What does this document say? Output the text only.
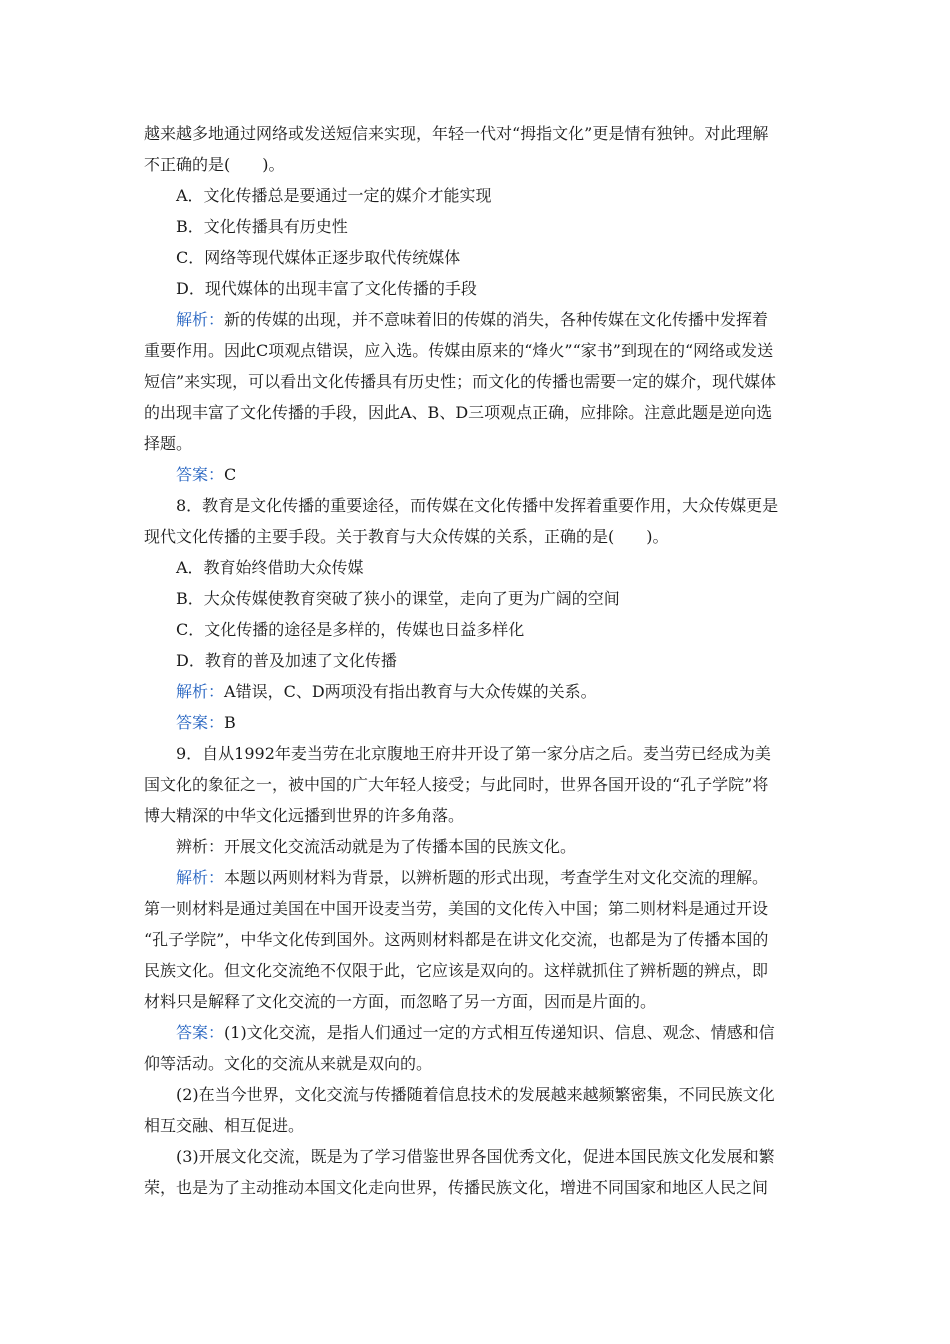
越来越多地通过网络或发送短信来实现，年轻一代对“拇指文化”更是情有独钟。对此理解
不正确的是(　　)。
A．文化传播总是要通过一定的媒介才能实现
B．文化传播具有历史性
C．网络等现代媒体正逐步取代传统媒体
D．现代媒体的出现丰富了文化传播的手段
解析：新的传媒的出现，并不意味着旧的传媒的消失，各种传媒在文化传播中发挥着
重要作用。因此C项观点错误，应入选。传媒由原来的“烽火”“家书”到现在的“网络或发送
短信”来实现，可以看出文化传播具有历史性；而文化的传播也需要一定的媒介，现代媒体
的出现丰富了文化传播的手段，因此A、B、D三项观点正确，应排除。注意此题是逆向选
择题。
答案：C
8．教育是文化传播的重要途径，而传媒在文化传播中发挥着重要作用，大众传媒更是
现代文化传播的主要手段。关于教育与大众传媒的关系，正确的是(　　)。
A．教育始终借助大众传媒
B．大众传媒使教育突破了狭小的课堂，走向了更为广阔的空间
C．文化传播的途径是多样的，传媒也日益多样化
D．教育的普及加速了文化传播
解析：A错误，C、D两项没有指出教育与大众传媒的关系。
答案：B
9．自从1992年麦当劳在北京腹地王府井开设了第一家分店之后。麦当劳已经成为美
国文化的象征之一，被中国的广大年轻人接受；与此同时，世界各国开设的“孔子学院”将
博大精深的中华文化远播到世界的许多角落。
辨析：开展文化交流活动就是为了传播本国的民族文化。
解析：本题以两则材料为背景，以辨析题的形式出现，考查学生对文化交流的理解。
第一则材料是通过美国在中国开设麦当劳，美国的文化传入中国；第二则材料是通过开设
“孔子学院”，中华文化传到国外。这两则材料都是在讲文化交流，也都是为了传播本国的
民族文化。但文化交流绝不仅限于此，它应该是双向的。这样就抓住了辨析题的辨点，即
材料只是解释了文化交流的一方面，而忽略了另一方面，因而是片面的。
答案：(1)文化交流，是指人们通过一定的方式相互传递知识、信息、观念、情感和信
仰等活动。文化的交流从来就是双向的。
(2)在当今世界，文化交流与传播随着信息技术的发展越来越频繁密集，不同民族文化
相互交融、相互促进。
(3)开展文化交流，既是为了学习借鉴世界各国优秀文化，促进本国民族文化发展和繁
荣，也是为了主动推动本国文化走向世界，传播民族文化，增进不同国家和地区人民之间
